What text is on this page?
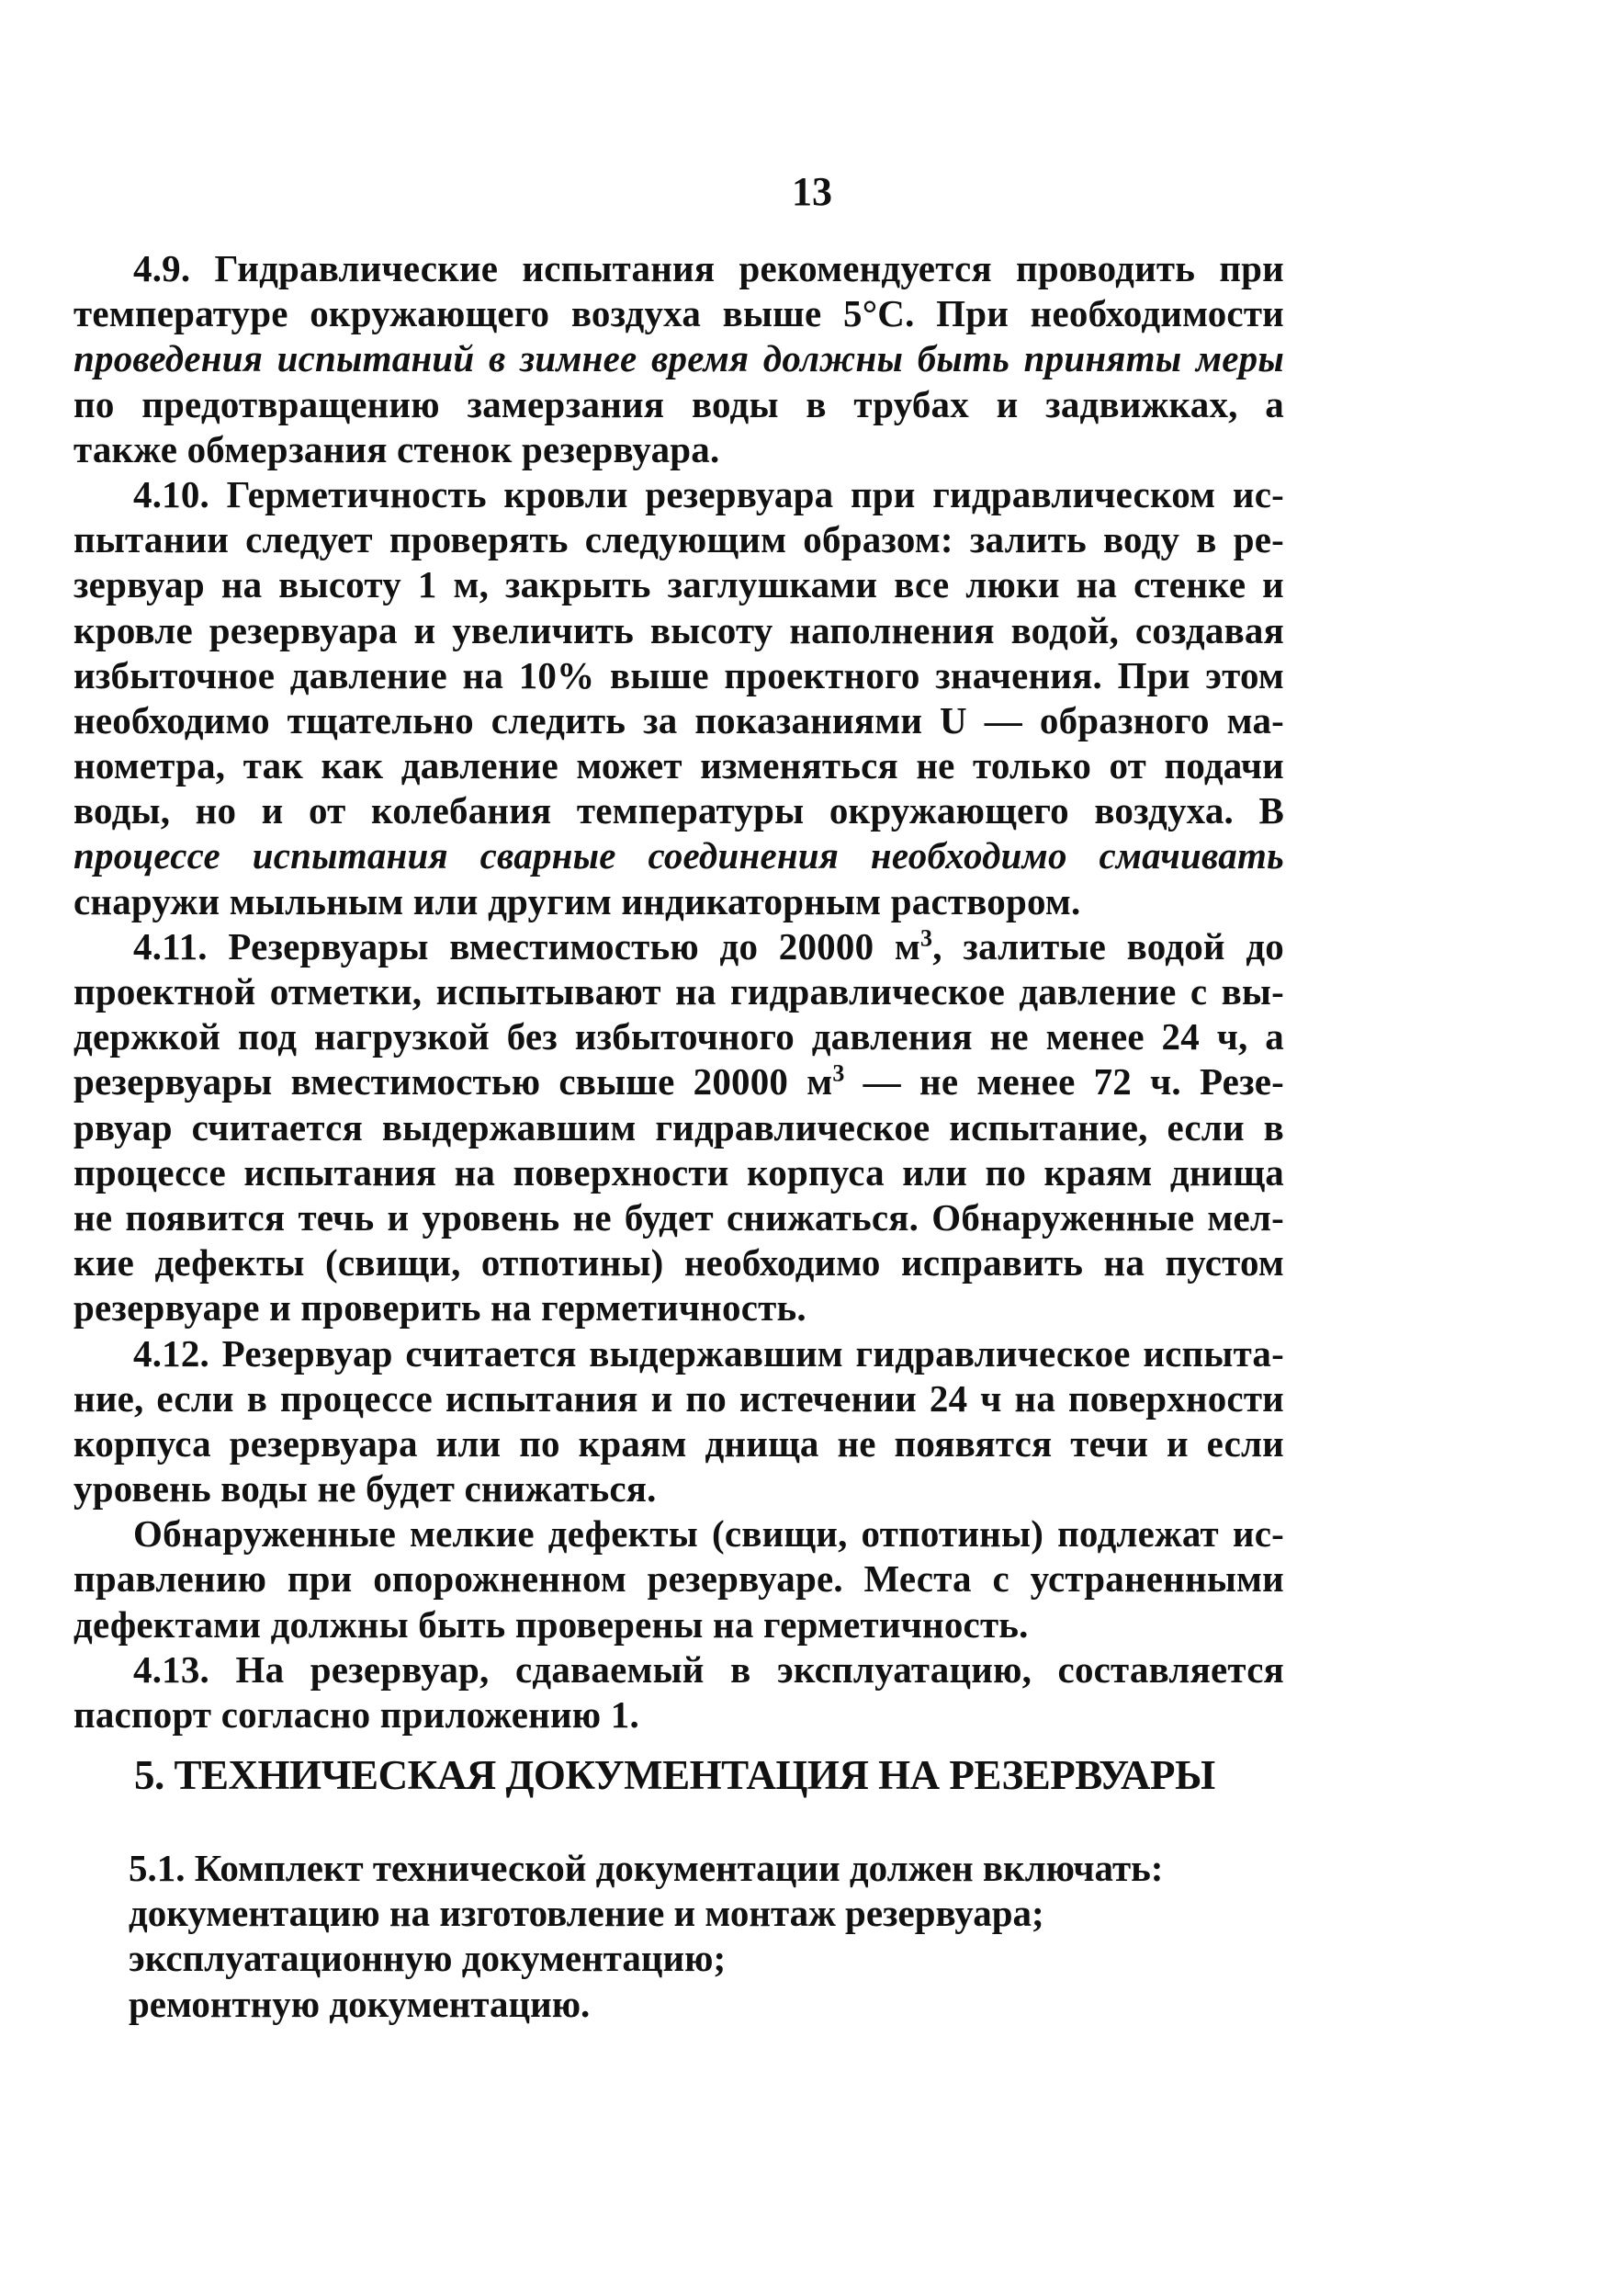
13
4.9. Гидравлические испытания рекомендуется проводить при
температуре окружающего воздуха выше 5°С. При необходимости
проведения испытаний в зимнее время должны быть приняты меры
по предотвращению замерзания воды в трубах и задвижках, а
также обмерзания стенок резервуара.
4.10. Герметичность кровли резервуара при гидравлическом ис-
пытании следует проверять следующим образом: залить воду в ре-
зервуар на высоту 1 м, закрыть заглушками все люки на стенке и
кровле резервуара и увеличить высоту наполнения водой, создавая
избыточное давление на 10% выше проектного значения. При этом
необходимо тщательно следить за показаниями U — образного ма-
нометра, так как давление может изменяться не только от подачи
воды, но и от колебания температуры окружающего воздуха. В
процессе испытания сварные соединения необходимо смачивать
снаружи мыльным или другим индикаторным раствором.
4.11. Резервуары вместимостью до 20000 $м^3$, залитые водой до
проектной отметки, испытывают на гидравлическое давление с вы-
держкой под нагрузкой без избыточного давления не менее 24 ч, а
резервуары вместимостью свыше 20000 $м^3$ — не менее 72 ч. Резе-
рвуар считается выдержавшим гидравлическое испытание, если в
процессе испытания на поверхности корпуса или по краям днища
не появится течь и уровень не будет снижаться. Обнаруженные мел-
кие дефекты (свищи, отпотины) необходимо исправить на пустом
резервуаре и проверить на герметичность.
4.12. Резервуар считается выдержавшим гидравлическое испыта-
ние, если в процессе испытания и по истечении 24 ч на поверхности
корпуса резервуара или по краям днища не появятся течи и если
уровень воды не будет снижаться.
Обнаруженные мелкие дефекты (свищи, отпотины) подлежат ис-
правлению при опорожненном резервуаре. Места с устраненными
дефектами должны быть проверены на герметичность.
4.13. На резервуар, сдаваемый в эксплуатацию, составляется
паспорт согласно приложению 1.
5. ТЕХНИЧЕСКАЯ ДОКУМЕНТАЦИЯ НА РЕЗЕРВУАРЫ
5.1. Комплект технической документации должен включать:
документацию на изготовление и монтаж резервуара;
эксплуатационную документацию;
ремонтную документацию.
